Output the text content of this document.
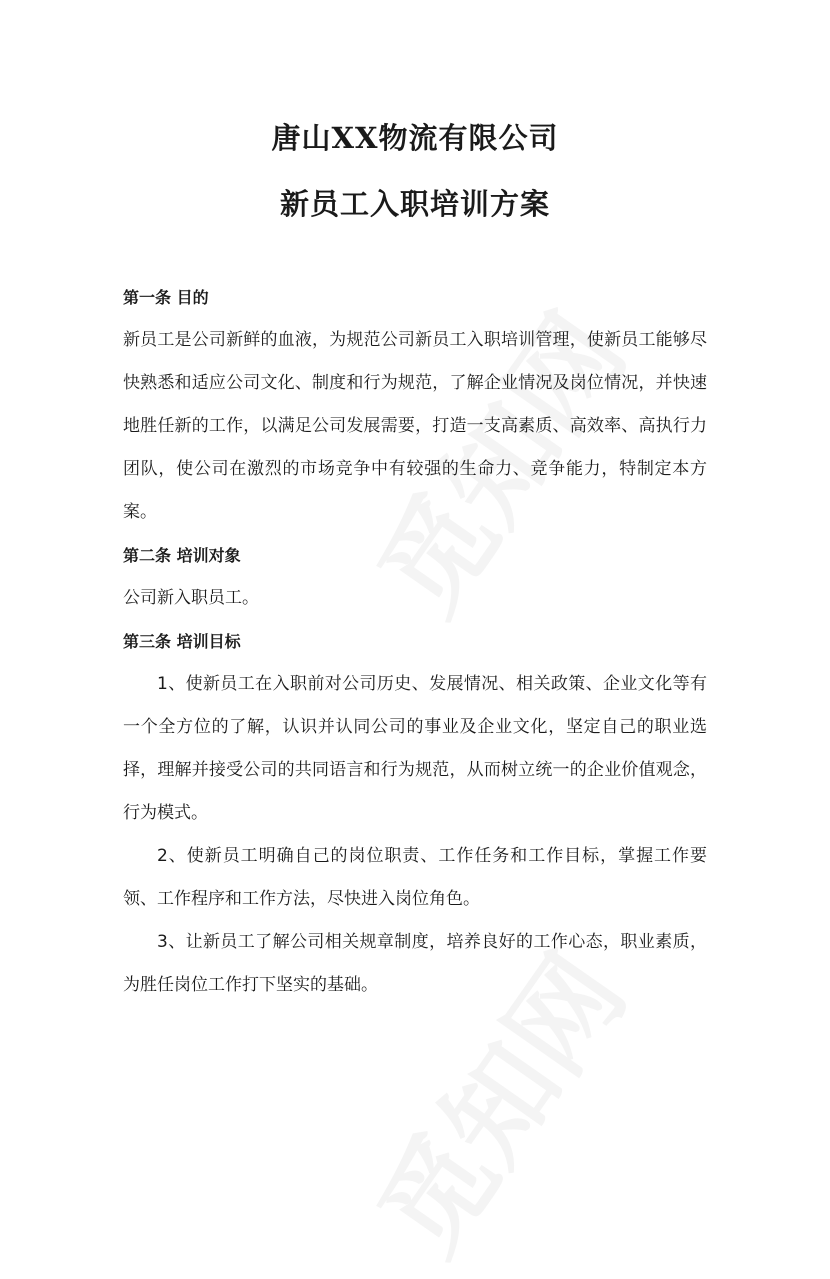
唐山XX物流有限公司
新员工入职培训方案

第一条 目的

新员工是公司新鲜的血液，为规范公司新员工入职培训管理，使新员工能够尽快熟悉和适应公司文化、制度和行为规范，了解企业情况及岗位情况，并快速地胜任新的工作，以满足公司发展需要，打造一支高素质、高效率、高执行力团队，使公司在激烈的市场竞争中有较强的生命力、竞争能力，特制定本方案。

第二条 培训对象

公司新入职员工。

第三条 培训目标

1、使新员工在入职前对公司历史、发展情况、相关政策、企业文化等有一个全方位的了解，认识并认同公司的事业及企业文化，坚定自己的职业选择，理解并接受公司的共同语言和行为规范，从而树立统一的企业价值观念，行为模式。

2、使新员工明确自己的岗位职责、工作任务和工作目标，掌握工作要领、工作程序和工作方法，尽快进入岗位角色。

3、让新员工了解公司相关规章制度，培养良好的工作心态，职业素质，为胜任岗位工作打下坚实的基础。
